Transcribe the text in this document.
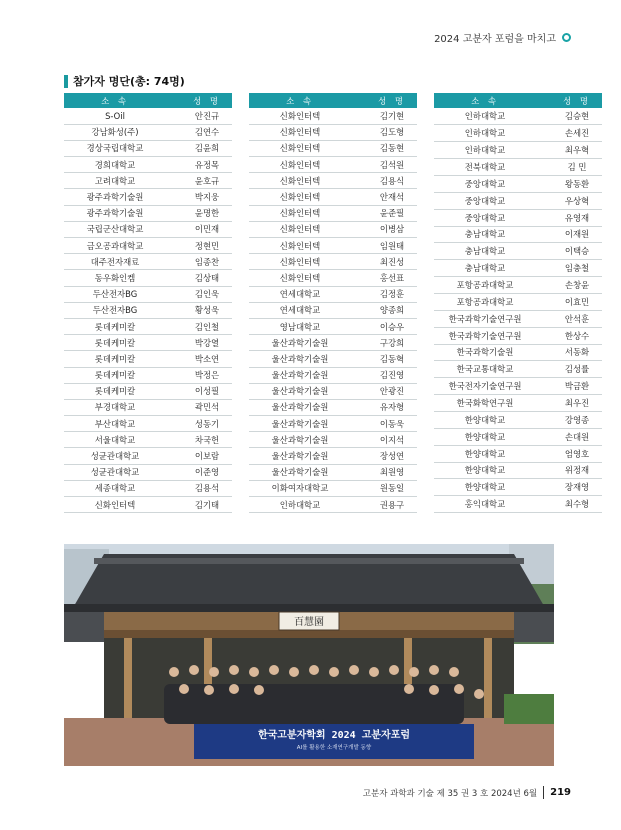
2024 고분자 포럼을 마치고
참가자 명단(총: 74명)
소 속		성 명
S-Oil		안진규
강남화성(주)		김연수
경상국립대학교		김윤희
경희대학교		유정목
고려대학교		윤호규
광주과학기술원		박지웅
광주과학기술원		윤명한
국립군산대학교		이민재
금오공과대학교		정현민
대주전자재료		임종찬
동우화인켐		김상태
두산전자BG		김인욱
두산전자BG		황성욱
롯데케미칼		김인철
롯데케미칼		박강열
롯데케미칼		박소연
롯데케미칼		박정은
롯데케미칼		이성필
부경대학교		곽민석
부산대학교		성동기
서울대학교		차국헌
성균관대학교		이보람
성균관대학교		이준영
세종대학교		김용석
신화인터텍		김기태
소 속		성 명
신화인터텍		김기현
신화인터텍		김도형
신화인터텍		김동현
신화인터텍		김석원
신화인터텍		김용식
신화인터텍		안재석
신화인터텍		윤준필
신화인터텍		이병삼
신화인터텍		임원태
신화인터텍		최진성
신화인터텍		홍선표
연세대학교		김정훈
연세대학교		양종희
영남대학교		이승우
울산과학기술원		구강희
울산과학기술원		김동혁
울산과학기술원		김진영
울산과학기술원		안광진
울산과학기술원		유자형
울산과학기술원		이동욱
울산과학기술원		이지석
울산과학기술원		장성연
울산과학기술원		최원영
이화여자대학교		원동일
인하대학교		권용구
소 속		성 명
인하대학교		김승현
인하대학교		손세진
인하대학교		최우혁
전북대학교		김 민
중앙대학교		왕동환
중앙대학교		우상혁
중앙대학교		유영재
충남대학교		이재원
충남대학교		이택승
충남대학교		임충철
포항공과대학교		손창윤
포항공과대학교		이효민
한국과학기술연구원		안석훈
한국과학기술연구원		한상수
한국과학기술원		서동화
한국교통대학교		김성률
한국전자기술연구원		박금환
한국화학연구원		최우진
한양대학교		강영종
한양대학교		손대원
한양대학교		엄영호
한양대학교		위정재
한양대학교		장재영
홍익대학교		최수형
百慧園
한국고분자학회 2024 고분자포럼
AI를 활용한 소재연구개발 동향
고분자 과학과 기술 제 35 권 3 호 2024년 6월 219
